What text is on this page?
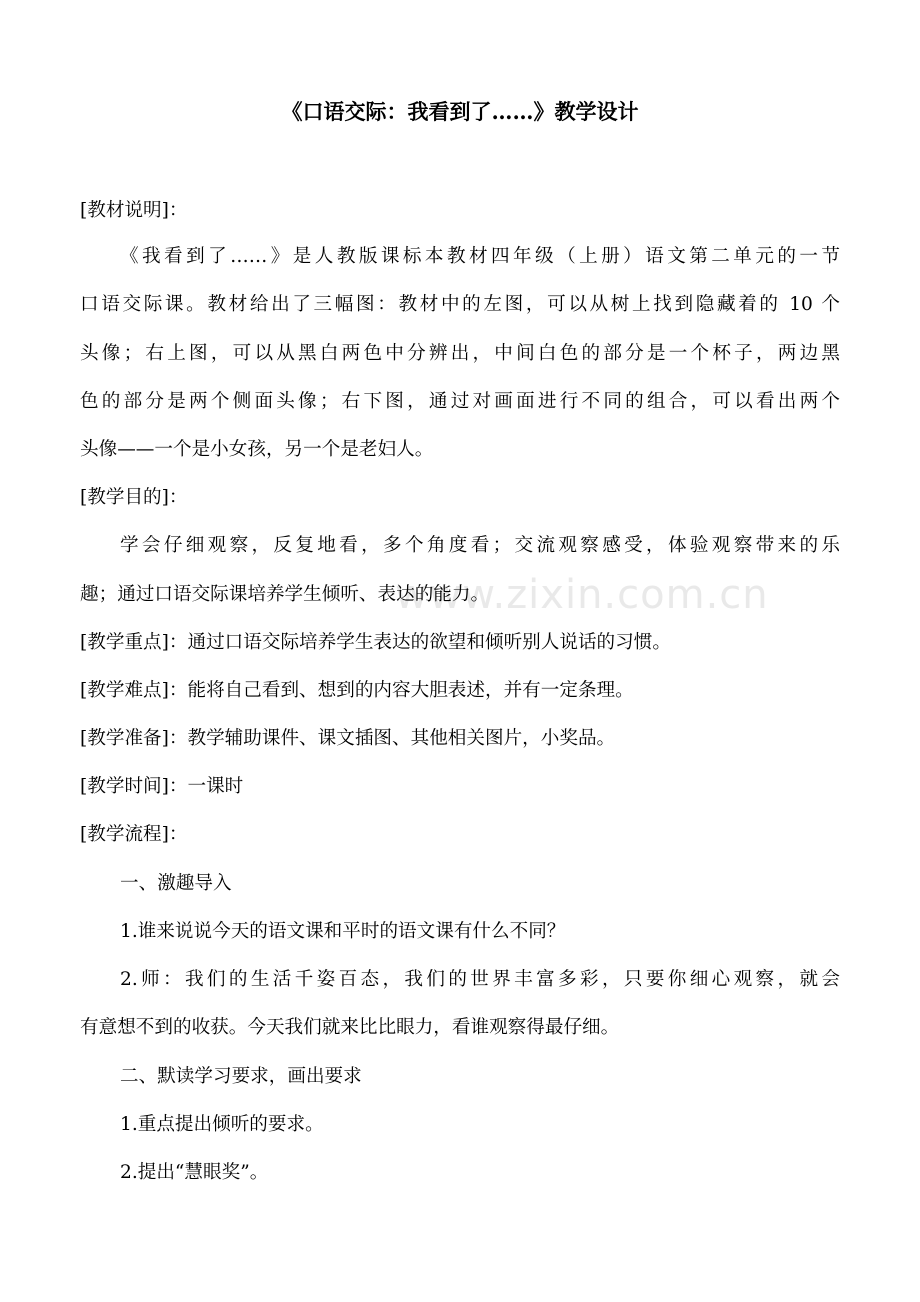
www.zixin.com.cn
《口语交际：我看到了……》教学设计
[教材说明]：
《我看到了……》是人教版课标本教材四年级（上册）语文第二单元的一节
口语交际课。教材给出了三幅图：教材中的左图，可以从树上找到隐藏着的 10 个
头像；右上图，可以从黑白两色中分辨出，中间白色的部分是一个杯子，两边黑
色的部分是两个侧面头像；右下图，通过对画面进行不同的组合，可以看出两个
头像——一个是小女孩，另一个是老妇人。
[教学目的]：
学会仔细观察，反复地看，多个角度看；交流观察感受，体验观察带来的乐
趣；通过口语交际课培养学生倾听、表达的能力。
[教学重点]：通过口语交际培养学生表达的欲望和倾听别人说话的习惯。
[教学难点]：能将自己看到、想到的内容大胆表述，并有一定条理。
[教学准备]：教学辅助课件、课文插图、其他相关图片，小奖品。
[教学时间]：一课时
[教学流程]：
一、激趣导入
1.谁来说说今天的语文课和平时的语文课有什么不同？
2.师：我们的生活千姿百态，我们的世界丰富多彩，只要你细心观察，就会
有意想不到的收获。今天我们就来比比眼力，看谁观察得最仔细。
二、默读学习要求，画出要求
1.重点提出倾听的要求。
2.提出“慧眼奖”。
